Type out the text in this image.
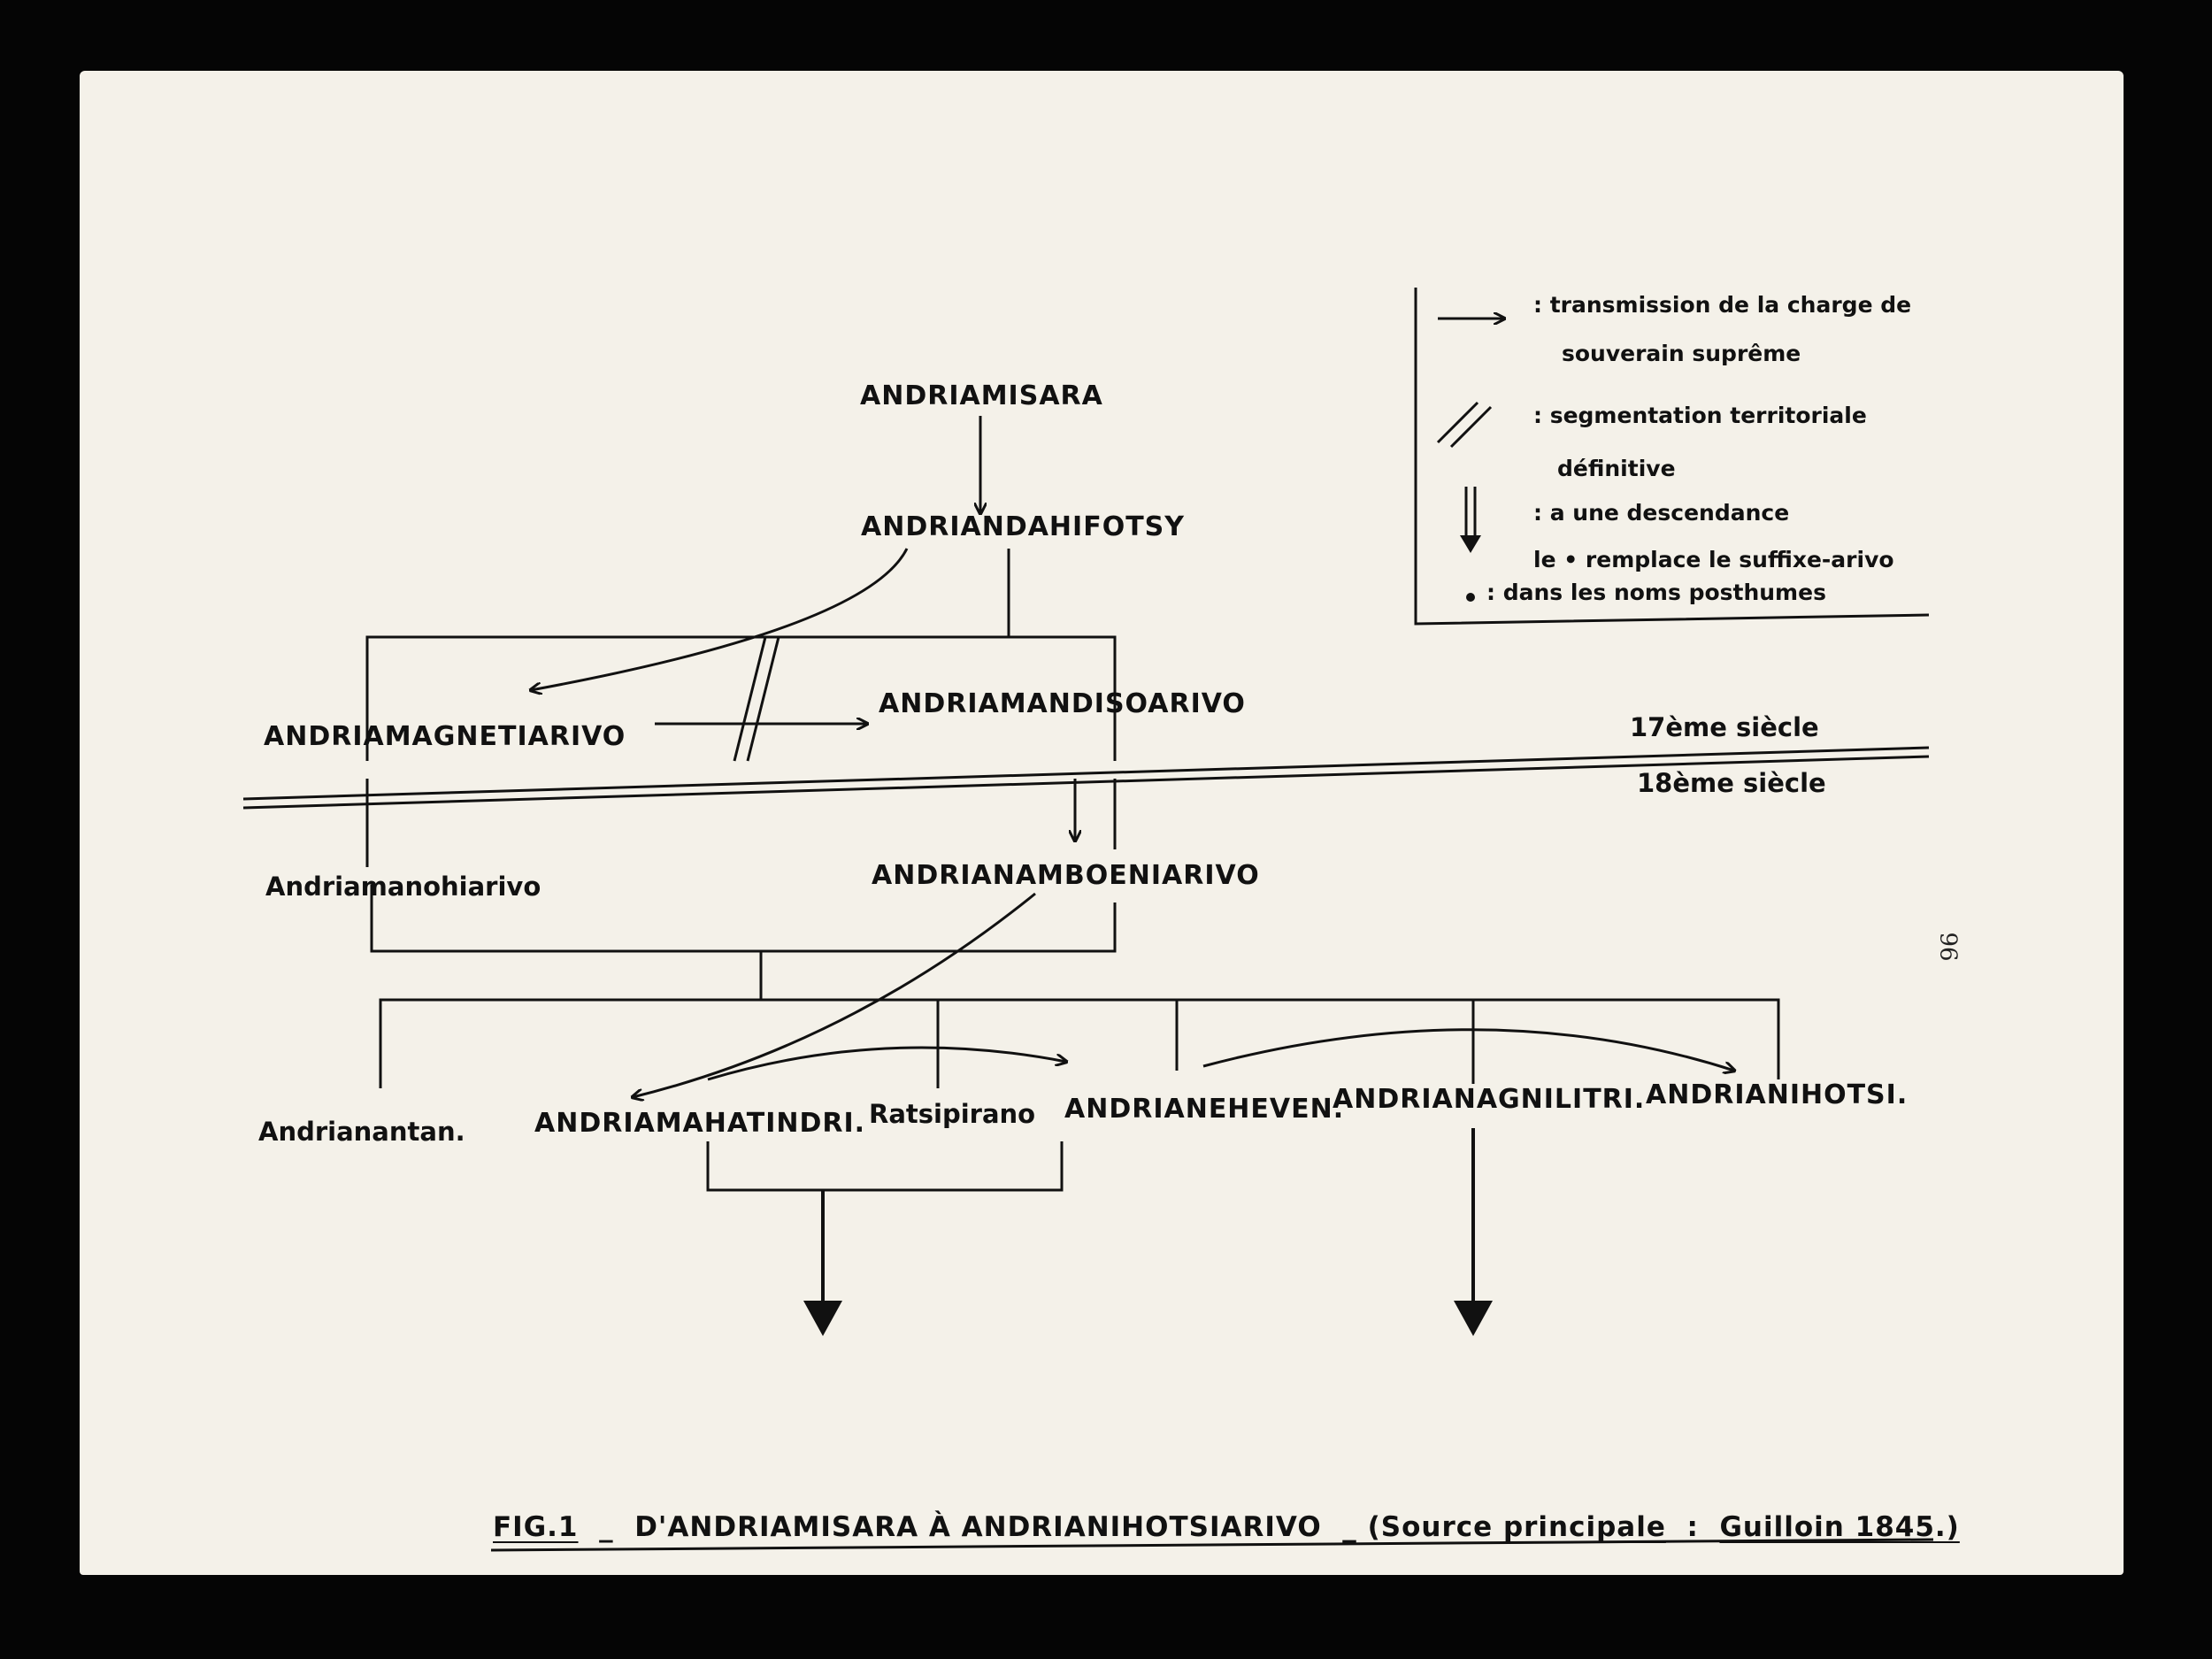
ANDRIAMISARA
ANDRIANDAHIFOTSY
ANDRIAMAGNETIARIVO
ANDRIAMANDISOARIVO
Andriamanohiarivo	ANDRIANAMBOENIARIVO
Andrianantan.	ANDRIAMAHATINDRI. Ratsipirano ANDRIANEHEVEN.
ANDRIANAGNILITRI. ANDRIANIHOTSI.
17ème siècle
18ème siècle
: transmission de la charge de
souverain suprême
: segmentation territoriale
définitive
: a une descendance
le • remplace le suffixe-arivo
: dans les noms posthumes
96
FIG.1  _  D'ANDRIAMISARA À ANDRIANIHOTSIARIVO  _ (Source principale  :  Guilloin 1845.)
